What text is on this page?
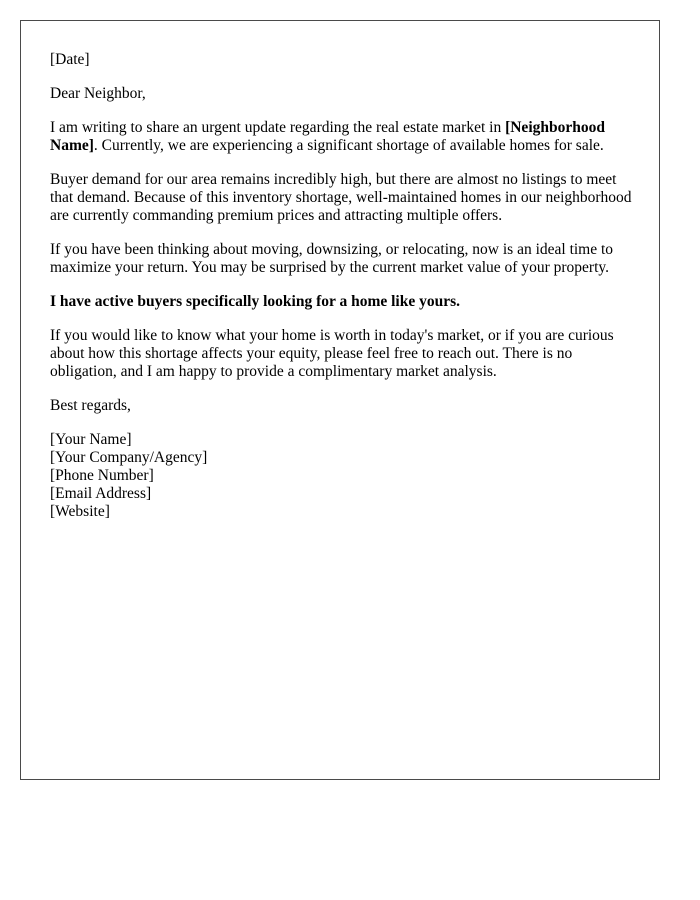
[Date]

Dear Neighbor,

I am writing to share an urgent update regarding the real estate market in [Neighborhood Name]. Currently, we are experiencing a significant shortage of available homes for sale.

Buyer demand for our area remains incredibly high, but there are almost no listings to meet that demand. Because of this inventory shortage, well-maintained homes in our neighborhood are currently commanding premium prices and attracting multiple offers.

If you have been thinking about moving, downsizing, or relocating, now is an ideal time to maximize your return. You may be surprised by the current market value of your property.

I have active buyers specifically looking for a home like yours.

If you would like to know what your home is worth in today's market, or if you are curious about how this shortage affects your equity, please feel free to reach out. There is no obligation, and I am happy to provide a complimentary market analysis.

Best regards,

[Your Name]
[Your Company/Agency]
[Phone Number]
[Email Address]
[Website]
